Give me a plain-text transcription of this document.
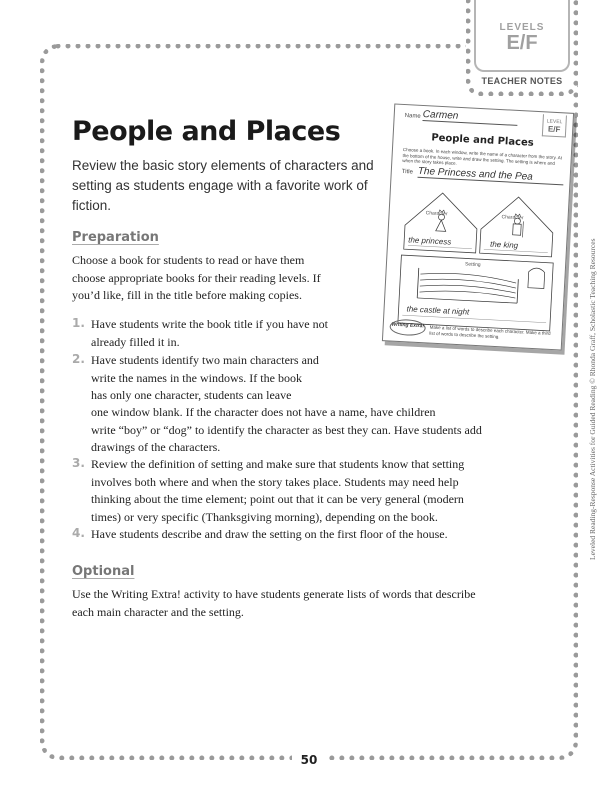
LEVELS
E/F
TEACHER NOTES
People and Places
Review the basic story elements of characters and setting as students engage with a favorite work of fiction.
Name Carmen
LEVEL
E/F
People and Places
Choose a book. In each window, write the name of a character from the story. At the bottom of the house, write and draw the setting. The setting is where and when the story takes place.
Title The Princess and the Pea
Character
Character
the princess	the king
Setting
the castle at night
Writing Extra!	Make a list of words to describe each character. Make a third list of words to describe the setting.
Preparation
Choose a book for students to read or have them
choose appropriate books for their reading levels. If
you’d like, fill in the title before making copies.
1. Have students write the book title if you have not
already filled it in.
2. Have students identify two main characters and
write the names in the windows. If the book
has only one character, students can leave
one window blank. If the character does not have a name, have children
write “boy” or “dog” to identify the character as best they can. Have students add
drawings of the characters.
3. Review the definition of setting and make sure that students know that setting
involves both where and when the story takes place. Students may need help
thinking about the time element; point out that it can be very general (modern
times) or very specific (Thanksgiving morning), depending on the book.
4. Have students describe and draw the setting on the first floor of the house.
Optional
Use the Writing Extra! activity to have students generate lists of words that describe
each main character and the setting.
Leveled Reading-Response Activities for Guided Reading © Rhonda Graff, Scholastic Teaching Resources
50
